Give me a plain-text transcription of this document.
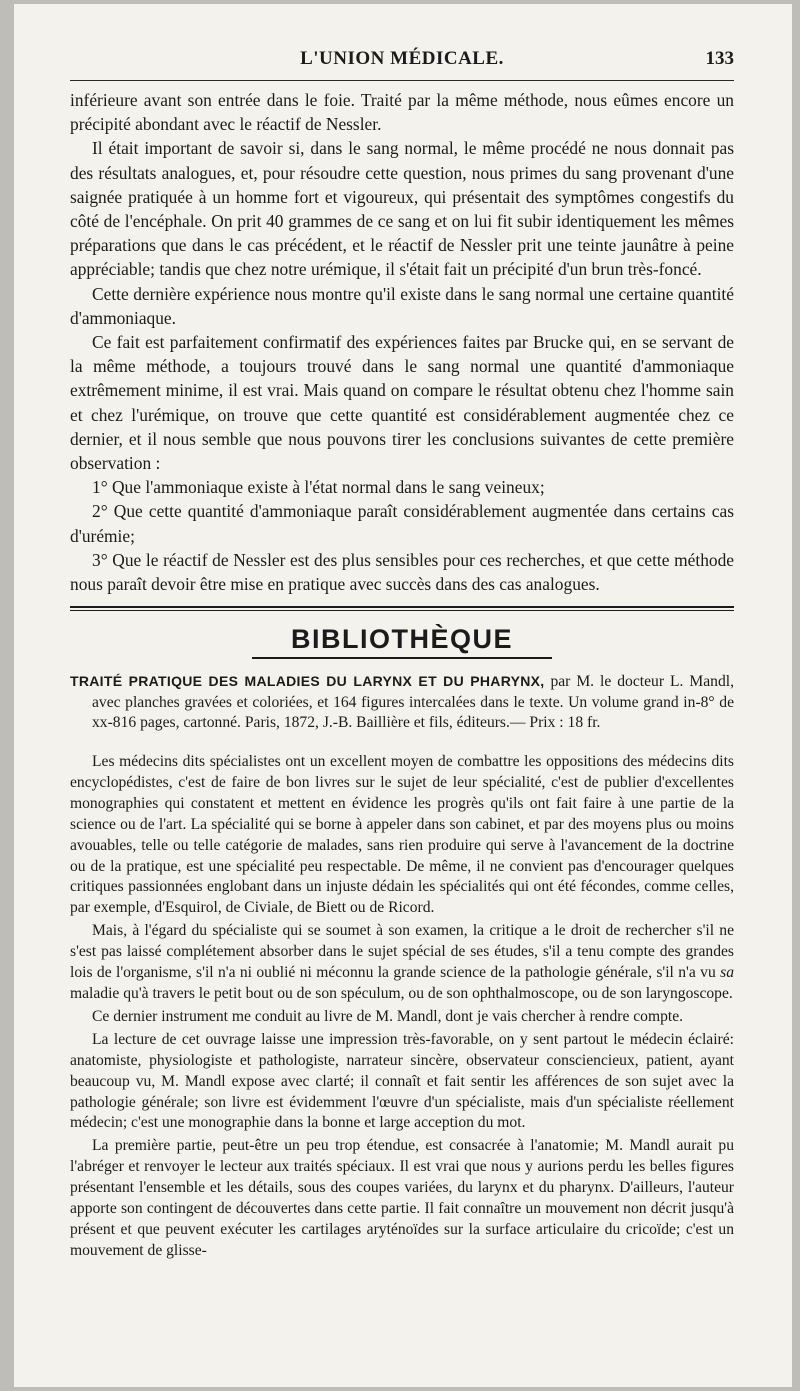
L'UNION MÉDICALE.	133

inférieure avant son entrée dans le foie. Traité par la même méthode, nous eûmes encore un précipité abondant avec le réactif de Nessler.

Il était important de savoir si, dans le sang normal, le même procédé ne nous donnait pas des résultats analogues, et, pour résoudre cette question, nous primes du sang provenant d'une saignée pratiquée à un homme fort et vigoureux, qui présentait des symptômes congestifs du côté de l'encéphale. On prit 40 grammes de ce sang et on lui fit subir identiquement les mêmes préparations que dans le cas précédent, et le réactif de Nessler prit une teinte jaunâtre à peine appréciable; tandis que chez notre urémique, il s'était fait un précipité d'un brun très-foncé.

Cette dernière expérience nous montre qu'il existe dans le sang normal une certaine quantité d'ammoniaque.

Ce fait est parfaitement confirmatif des expériences faites par Brucke qui, en se servant de la même méthode, a toujours trouvé dans le sang normal une quantité d'ammoniaque extrêmement minime, il est vrai. Mais quand on compare le résultat obtenu chez l'homme sain et chez l'urémique, on trouve que cette quantité est considérablement augmentée chez ce dernier, et il nous semble que nous pouvons tirer les conclusions suivantes de cette première observation :

1° Que l'ammoniaque existe à l'état normal dans le sang veineux;

2° Que cette quantité d'ammoniaque paraît considérablement augmentée dans certains cas d'urémie;

3° Que le réactif de Nessler est des plus sensibles pour ces recherches, et que cette méthode nous paraît devoir être mise en pratique avec succès dans des cas analogues.

BIBLIOTHÈQUE
TRAITÉ PRATIQUE DES MALADIES DU LARYNX ET DU PHARYNX, par M. le docteur L. Mandl, avec planches gravées et coloriées, et 164 figures intercalées dans le texte. Un volume grand in-8° de xx-816 pages, cartonné. Paris, 1872, J.-B. Baillière et fils, éditeurs.— Prix : 18 fr.

Les médecins dits spécialistes ont un excellent moyen de combattre les oppositions des médecins dits encyclopédistes, c'est de faire de bon livres sur le sujet de leur spécialité, c'est de publier d'excellentes monographies qui constatent et mettent en évidence les progrès qu'ils ont fait faire à une partie de la science ou de l'art. La spécialité qui se borne à appeler dans son cabinet, et par des moyens plus ou moins avouables, telle ou telle catégorie de malades, sans rien produire qui serve à l'avancement de la doctrine ou de la pratique, est une spécialité peu respectable. De même, il ne convient pas d'encourager quelques critiques passionnées englobant dans un injuste dédain les spécialités qui ont été fécondes, comme celles, par exemple, d'Esquirol, de Civiale, de Biett ou de Ricord.

Mais, à l'égard du spécialiste qui se soumet à son examen, la critique a le droit de rechercher s'il ne s'est pas laissé complétement absorber dans le sujet spécial de ses études, s'il a tenu compte des grandes lois de l'organisme, s'il n'a ni oublié ni méconnu la grande science de la pathologie générale, s'il n'a vu sa maladie qu'à travers le petit bout ou de son spéculum, ou de son ophthalmoscope, ou de son laryngoscope.

Ce dernier instrument me conduit au livre de M. Mandl, dont je vais chercher à rendre compte.

La lecture de cet ouvrage laisse une impression très-favorable, on y sent partout le médecin éclairé: anatomiste, physiologiste et pathologiste, narrateur sincère, observateur consciencieux, patient, ayant beaucoup vu, M. Mandl expose avec clarté; il connaît et fait sentir les afférences de son sujet avec la pathologie générale; son livre est évidemment l'œuvre d'un spécialiste, mais d'un spécialiste réellement médecin; c'est une monographie dans la bonne et large acception du mot.

La première partie, peut-être un peu trop étendue, est consacrée à l'anatomie; M. Mandl aurait pu l'abréger et renvoyer le lecteur aux traités spéciaux. Il est vrai que nous y aurions perdu les belles figures présentant l'ensemble et les détails, sous des coupes variées, du larynx et du pharynx. D'ailleurs, l'auteur apporte son contingent de découvertes dans cette partie. Il fait connaître un mouvement non décrit jusqu'à présent et que peuvent exécuter les cartilages aryténoïdes sur la surface articulaire du cricoïde; c'est un mouvement de glisse-
